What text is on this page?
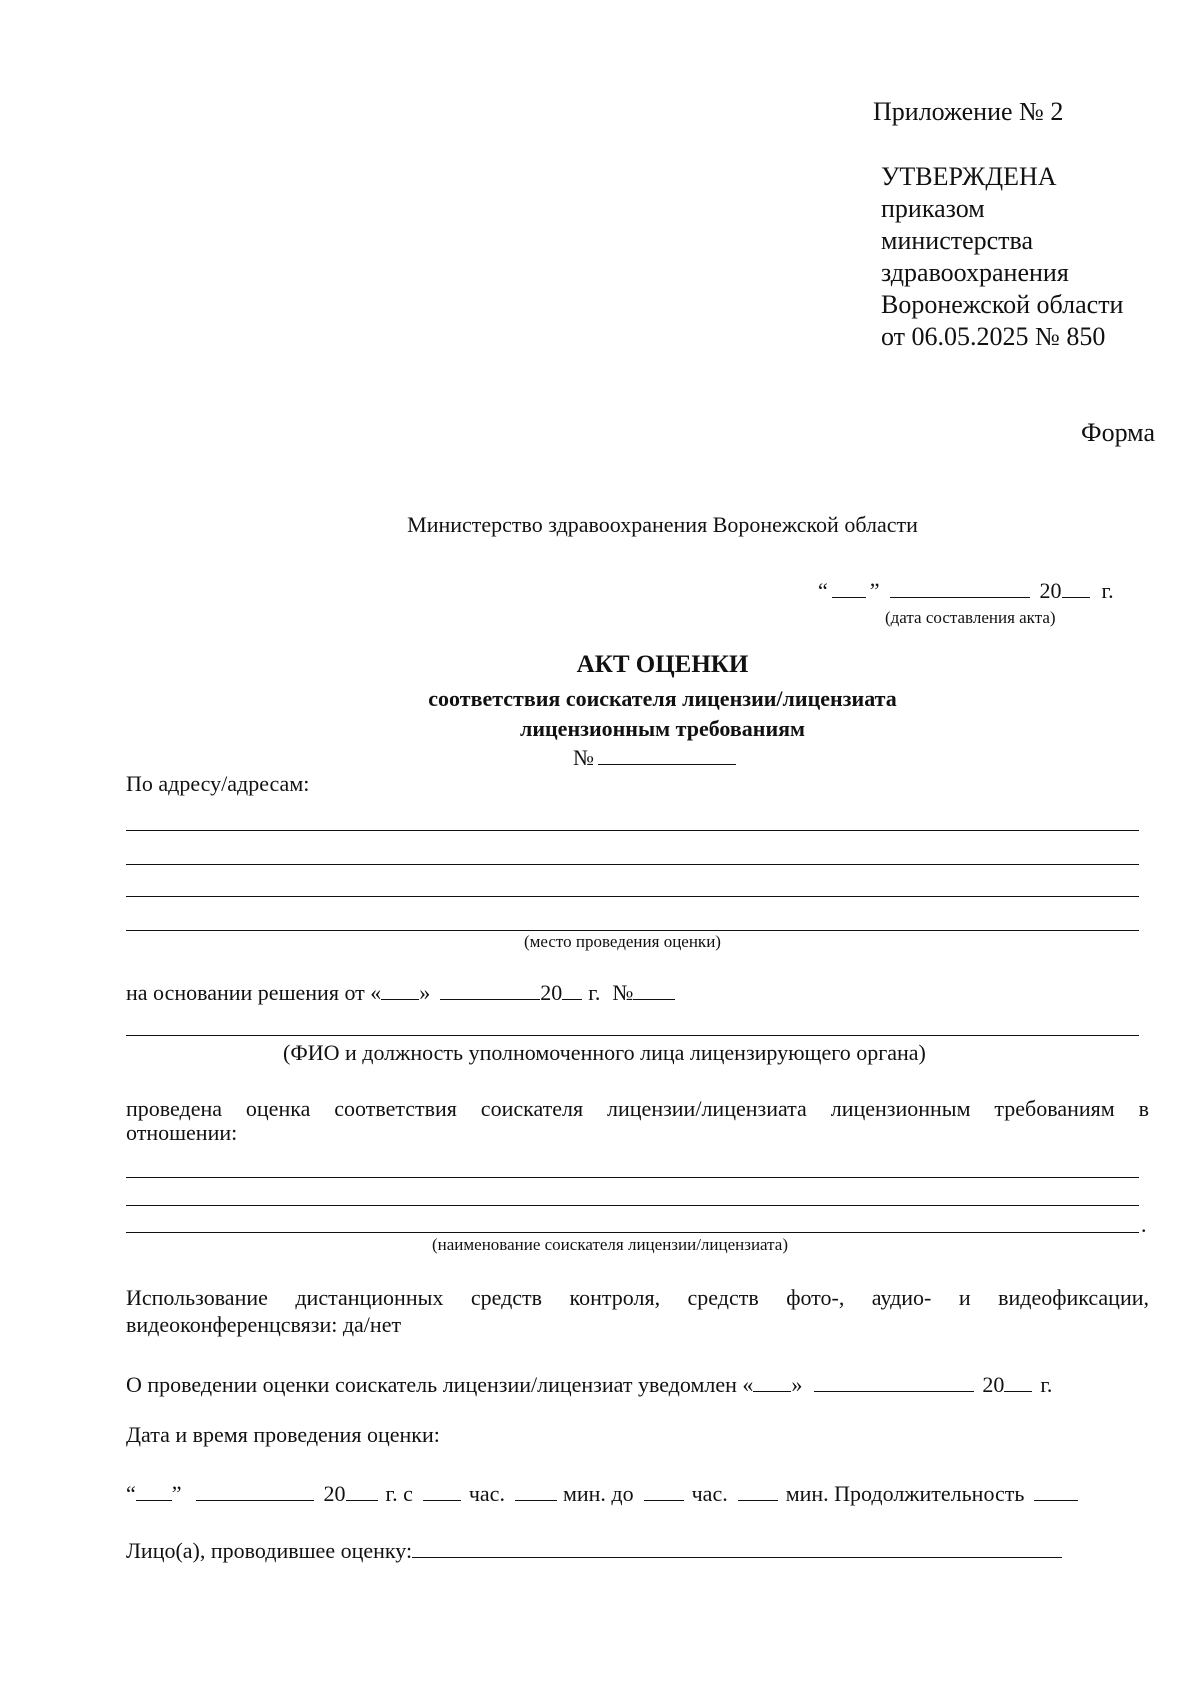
Приложение № 2
УТВЕРЖДЕНА
приказом
министерства
здравоохранения
Воронежской области
от 06.05.2025 № 850
Форма
Министерство здравоохранения Воронежской области
“ ”	20 г.
(дата составления акта)
АКТ ОЦЕНКИ
соответствия соискателя лицензии/лицензиата
лицензионным требованиям
№
По адресу/адресам:
(место проведения оценки)
на основании решения от « »	20 г. №
(ФИО и должность уполномоченного лица лицензирующего органа)
проведена оценка соответствия соискателя лицензии/лицензиата лицензионным требованиям в
отношении:
.
(наименование соискателя лицензии/лицензиата)
Использование дистанционных средств контроля, средств фото-, аудио- и видеофиксации,
видеоконференцсвязи: да/нет
О проведении оценки соискатель лицензии/лицензиат уведомлен « »	20 г.
Дата и время проведения оценки:
“ ”	20 г. с	час.	мин. до	час.	мин. Продолжительность
Лицо(а), проводившее оценку:
